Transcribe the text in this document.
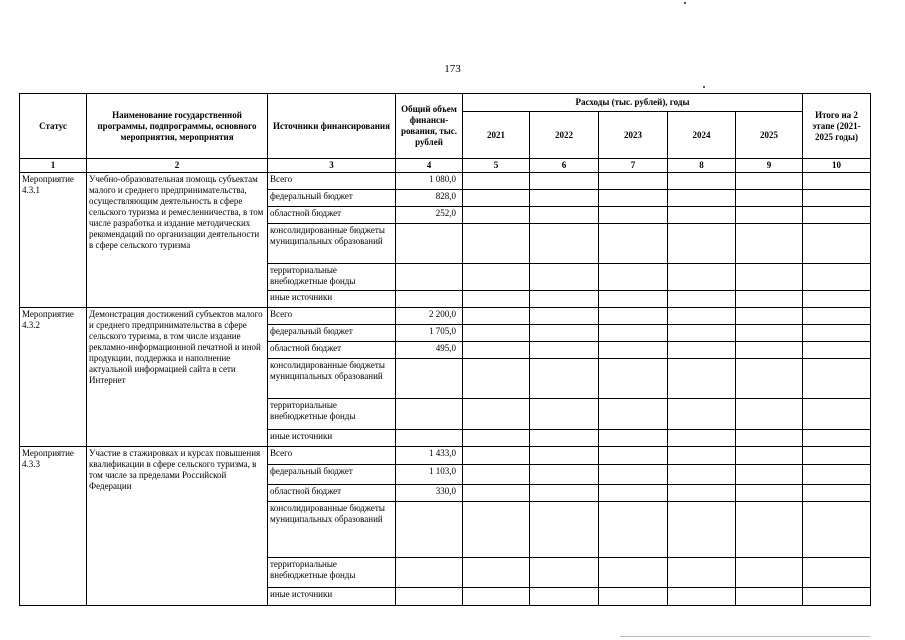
173
Статус	Наименование государственной программы, подпрограммы, основного мероприятия, мероприятия	Источники финансирования	Общий объем финанси-рования, тыс. рублей	Расходы (тыс. рублей), годы					Итого на 2 этапе (2021-2025 годы)
				2021	2022	2023	2024	2025	
1	2	3	4	5	6	7	8	9	10
Мероприятие 4.3.1	Учебно-образовательная помощь субъектам малого и среднего предпринимательства, осуществляющим деятельность в сфере сельского туризма и ремесленничества, в том числе разработка и издание методических рекомендаций по организации деятельности в сфере сельского туризма	Всего	1 080,0						
		федеральный бюджет	828,0						
		областной бюджет	252,0						
		консолидированные бюджеты муниципальных образований							
		территориальные внебюджетные фонды							
		иные источники							
Мероприятие 4.3.2	Демонстрация достижений субъектов малого и среднего предпринимательства в сфере сельского туризма, в том числе издание рекламно-информационной печатной и иной продукции, поддержка и наполнение актуальной информацией сайта в сети Интернет	Всего	2 200,0						
		федеральный бюджет	1 705,0						
		областной бюджет	495,0						
		консолидированные бюджеты муниципальных образований							
		территориальные внебюджетные фонды							
		иные источники							
Мероприятие 4.3.3	Участие в стажировках и курсах повышения квалификации в сфере сельского туризма, в том числе за пределами Российской Федерации	Всего	1 433,0						
		федеральный бюджет	1 103,0						
		областной бюджет	330,0						
		консолидированные бюджеты муниципальных образований							
		территориальные внебюджетные фонды							
		иные источники							
